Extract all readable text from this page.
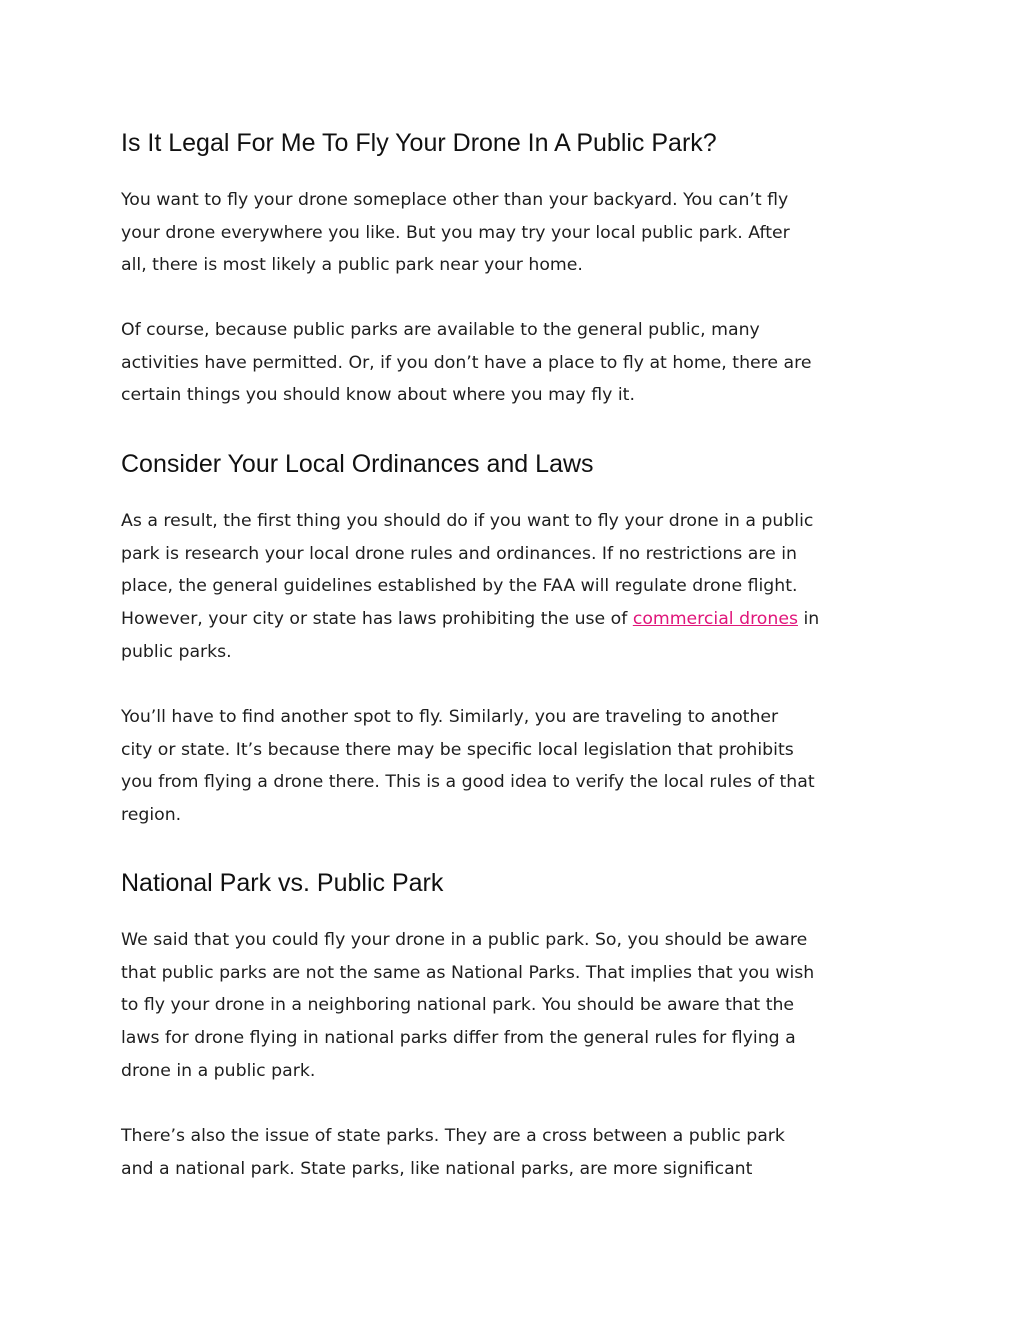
Is It Legal For Me To Fly Your Drone In A Public Park?

You want to fly your drone someplace other than your backyard. You can’t fly
your drone everywhere you like. But you may try your local public park. After
all, there is most likely a public park near your home.

Of course, because public parks are available to the general public, many
activities have permitted. Or, if you don’t have a place to fly at home, there are
certain things you should know about where you may fly it.

Consider Your Local Ordinances and Laws

As a result, the first thing you should do if you want to fly your drone in a public
park is research your local drone rules and ordinances. If no restrictions are in
place, the general guidelines established by the FAA will regulate drone flight.
However, your city or state has laws prohibiting the use of commercial drones in
public parks.

You’ll have to find another spot to fly. Similarly, you are traveling to another
city or state. It’s because there may be specific local legislation that prohibits
you from flying a drone there. This is a good idea to verify the local rules of that
region.

National Park vs. Public Park

We said that you could fly your drone in a public park. So, you should be aware
that public parks are not the same as National Parks. That implies that you wish
to fly your drone in a neighboring national park. You should be aware that the
laws for drone flying in national parks differ from the general rules for flying a
drone in a public park.

There’s also the issue of state parks. They are a cross between a public park
and a national park. State parks, like national parks, are more significant
